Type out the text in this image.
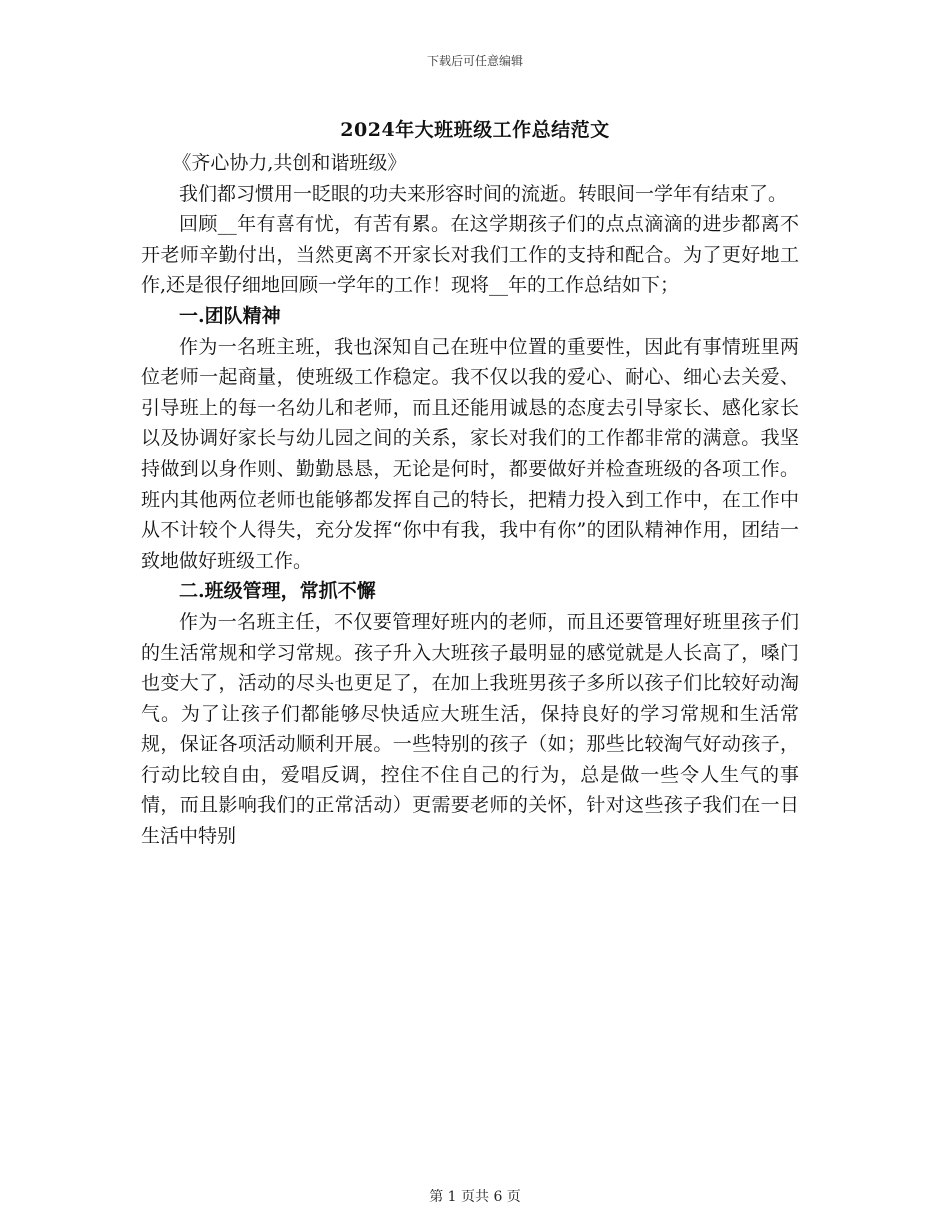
下载后可任意编辑
2024年大班班级工作总结范文

《齐心协力,共创和谐班级》

我们都习惯用一眨眼的功夫来形容时间的流逝。转眼间一学年有结束了。

回顾__年有喜有忧，有苦有累。在这学期孩子们的点点滴滴的进步都离不开老师辛勤付出，当然更离不开家长对我们工作的支持和配合。为了更好地工作,还是很仔细地回顾一学年的工作！现将__年的工作总结如下；

一.团队精神

作为一名班主班，我也深知自己在班中位置的重要性，因此有事情班里两位老师一起商量，使班级工作稳定。我不仅以我的爱心、耐心、细心去关爱、引导班上的每一名幼儿和老师，而且还能用诚恳的态度去引导家长、感化家长以及协调好家长与幼儿园之间的关系，家长对我们的工作都非常的满意。我坚持做到以身作则、勤勤恳恳，无论是何时，都要做好并检查班级的各项工作。班内其他两位老师也能够都发挥自己的特长，把精力投入到工作中，在工作中从不计较个人得失，充分发挥“你中有我，我中有你”的团队精神作用，团结一致地做好班级工作。

二.班级管理，常抓不懈

作为一名班主任，不仅要管理好班内的老师，而且还要管理好班里孩子们的生活常规和学习常规。孩子升入大班孩子最明显的感觉就是人长高了，嗓门也变大了，活动的尽头也更足了，在加上我班男孩子多所以孩子们比较好动淘气。为了让孩子们都能够尽快适应大班生活，保持良好的学习常规和生活常规，保证各项活动顺利开展。一些特别的孩子（如；那些比较淘气好动孩子，行动比较自由，爱唱反调，控住不住自己的行为，总是做一些令人生气的事情，而且影响我们的正常活动）更需要老师的关怀，针对这些孩子我们在一日生活中特别

第 1 页共 6 页
